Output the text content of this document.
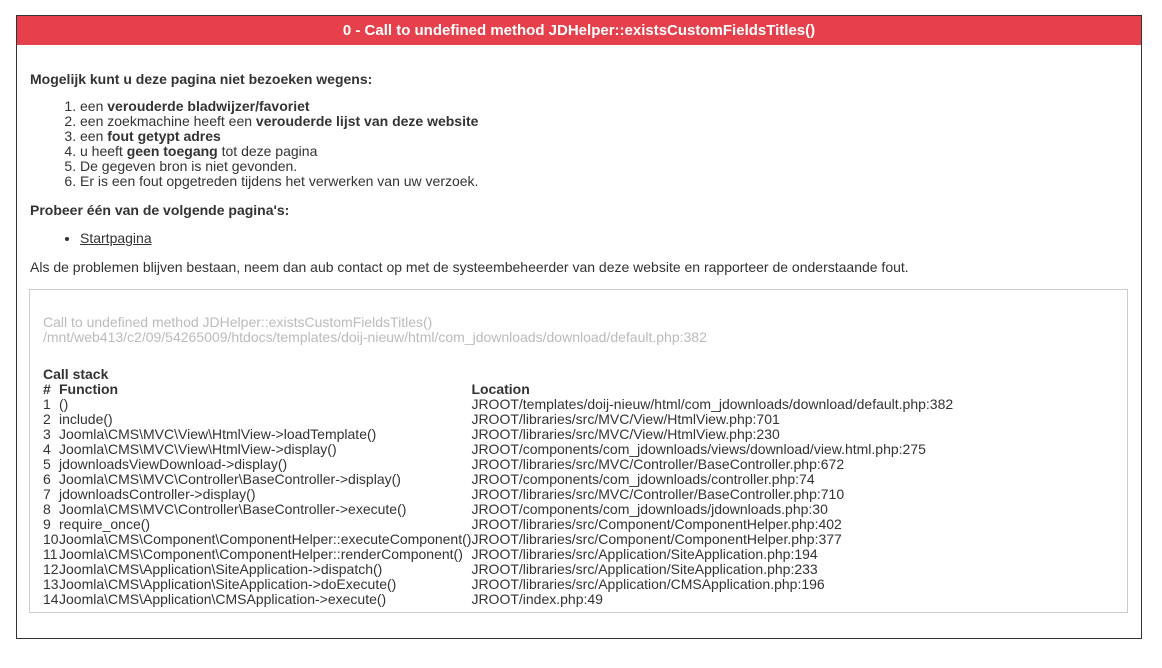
0 - Call to undefined method JDHelper::existsCustomFieldsTitles()

Mogelijk kunt u deze pagina niet bezoeken wegens:

1. een verouderde bladwijzer/favoriet
2. een zoekmachine heeft een verouderde lijst van deze website
3. een fout getypt adres
4. u heeft geen toegang tot deze pagina
5. De gegeven bron is niet gevonden.
6. Er is een fout opgetreden tijdens het verwerken van uw verzoek.

Probeer één van de volgende pagina's:

• Startpagina

Als de problemen blijven bestaan, neem dan aub contact op met de systeembeheerder van deze website en rapporteer de onderstaande fout.

Call to undefined method JDHelper::existsCustomFieldsTitles()
/mnt/web413/c2/09/54265009/htdocs/templates/doij-nieuw/html/com_jdownloads/download/default.php:382
Call stack
#	Function	Location
1	()	JROOT/templates/doij-nieuw/html/com_jdownloads/download/default.php:382
2	include()	JROOT/libraries/src/MVC/View/HtmlView.php:701
3	Joomla\CMS\MVC\View\HtmlView->loadTemplate()	JROOT/libraries/src/MVC/View/HtmlView.php:230
4	Joomla\CMS\MVC\View\HtmlView->display()	JROOT/components/com_jdownloads/views/download/view.html.php:275
5	jdownloadsViewDownload->display()	JROOT/libraries/src/MVC/Controller/BaseController.php:672
6	Joomla\CMS\MVC\Controller\BaseController->display()	JROOT/components/com_jdownloads/controller.php:74
7	jdownloadsController->display()	JROOT/libraries/src/MVC/Controller/BaseController.php:710
8	Joomla\CMS\MVC\Controller\BaseController->execute()	JROOT/components/com_jdownloads/jdownloads.php:30
9	require_once()	JROOT/libraries/src/Component/ComponentHelper.php:402
10	Joomla\CMS\Component\ComponentHelper::executeComponent()	JROOT/libraries/src/Component/ComponentHelper.php:377
11	Joomla\CMS\Component\ComponentHelper::renderComponent()	JROOT/libraries/src/Application/SiteApplication.php:194
12	Joomla\CMS\Application\SiteApplication->dispatch()	JROOT/libraries/src/Application/SiteApplication.php:233
13	Joomla\CMS\Application\SiteApplication->doExecute()	JROOT/libraries/src/Application/CMSApplication.php:196
14	Joomla\CMS\Application\CMSApplication->execute()	JROOT/index.php:49
